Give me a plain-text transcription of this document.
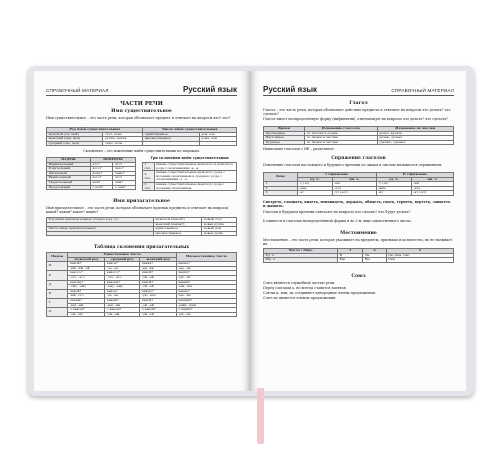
СПРАВОЧНЫЙ МАТЕРИАЛ	Русский язык
ЧАСТИ РЕЧИ
Имя существительное
Имя существительное – это часть речи, которая обозначает предмет и отвечает на вопросы кто? что?
Род имён существительных		Число имён существительных	
мужской (он, мой)	стол, конь	единственное	дом, ель
женский (она, моя)	ручка, земля	множественное	дома, ели
средний (оно, моё)	окно, поле		
Склонение – это изменение имён существительных по падежам.
ПАДЕЖ	ВОПРОСЫ	
Именительный	кто?	что?
Родительный	кого?	чего?
Дательный	кому?	чему?
Винительный	кого?	что?
Творительный	кем?	чем?
Предложный	о ком?	о чём?
Три склонения имён существительных
1 скл.	имена существительные женского и мужского рода с окончаниями -а, -я
2 скл.	имена существительные мужского рода с нулевым окончанием и среднего рода с окончаниями -о, -е
3 скл.	имена существительные женского рода с нулевым окончанием
Имя прилагательное
Имя прилагательное – это часть речи, которая обозначает признак предмета и отвечает на вопросы какой? какая? какое? какие?
Род имён прилагательных (только в ед. ч.)	мужской (какой?)	новый стол
	женский (какая?)	новая ручка
Число имён прилагательных	единственное	новый дом
	множественное	новые дома
Таблица склонения прилагательных
Падеж	Единственное число			Множественное число
	мужской род	средний род	женский род	
И.	какой?	какое?	какая?	какие?
	-ый, -ий, -ой	-ое, -ее	-ая, -яя	-ые, -ие
Р.	какого?	какого?	какой?	каких?
	-ого, -его	-ого, -его	-ой, -ей	-ых, -их
Д.	какому?	какому?	какой?	каким?
	-ому, -ему	-ому, -ему	-ой, -ей	-ым, -им
В.	какой?	какое?	какую?	какие?
	-ый, -ого	-ое, -ее	-ую, -юю	-ые, -ых
Т.	каким?	каким?	какой?	какими?
	-ым, -им	-ым, -им	-ой, -ей	-ыми, -ими
П.	о каком?	о каком?	о какой?	о каких?
	-ом, -ем	-ом, -ем	-ой, -ей	-ых, -их
СПРАВОЧНЫЙ МАТЕРИАЛ
Русский язык
Глагол
Глагол – это часть речи, которая обозначает действие предмета и отвечает на вопросы что делать? что сделать?
Глагол имеет неопределённую форму (инфинитив), отвечающую на вопросы что делать? что сделать?
Время	Изменение глаголов	Изменение по числам
Прошедшее	по числам и родам	делал, делала
Настоящее	по лицам и числам	делаю, делает
Будущее	по лицам и числам	сделаю, сделает
Написание глаголов с НЕ – раздельное.
Спряжение глаголов
Изменение глаголов настоящего и будущего времени по лицам и числам называется спряжением.
Лицо	I спряжение		II спряжение	
	ед. ч.	мн. ч.	ед. ч.	мн. ч.
1	-у (-ю)	-ем	-у (-ю)	-им
2	-ешь	-ете	-ишь	-ите
3	-ет	-ут (-ют)	-ит	-ат (-ят)
Спотреть, слышать, видеть, ненавидеть, держать, обидеть, гнать, терпеть, вертеть, зависеть и дышать.
Глаголы в будущем времени отвечают на вопросы что сделаю? что будут делать?
Ь пишется в глаголах неопределённой формы и во 2-м лице единственного числа.
Местоимение
Местоимение – это часть речи, которая указывает на предметы, признаки и количество, но не называет их.
Число \ Лицо	1	2	3
Ед. ч.	Я	Ты	Он, Она, Оно
Мн. ч.	Мы	Вы	Они
Союз
Союз является служебной частью речи.
Перед союзами а, но всегда ставится запятая.
Союзы и, или, да соединяют однородные члены предложения.
Союз не является членом предложения.
